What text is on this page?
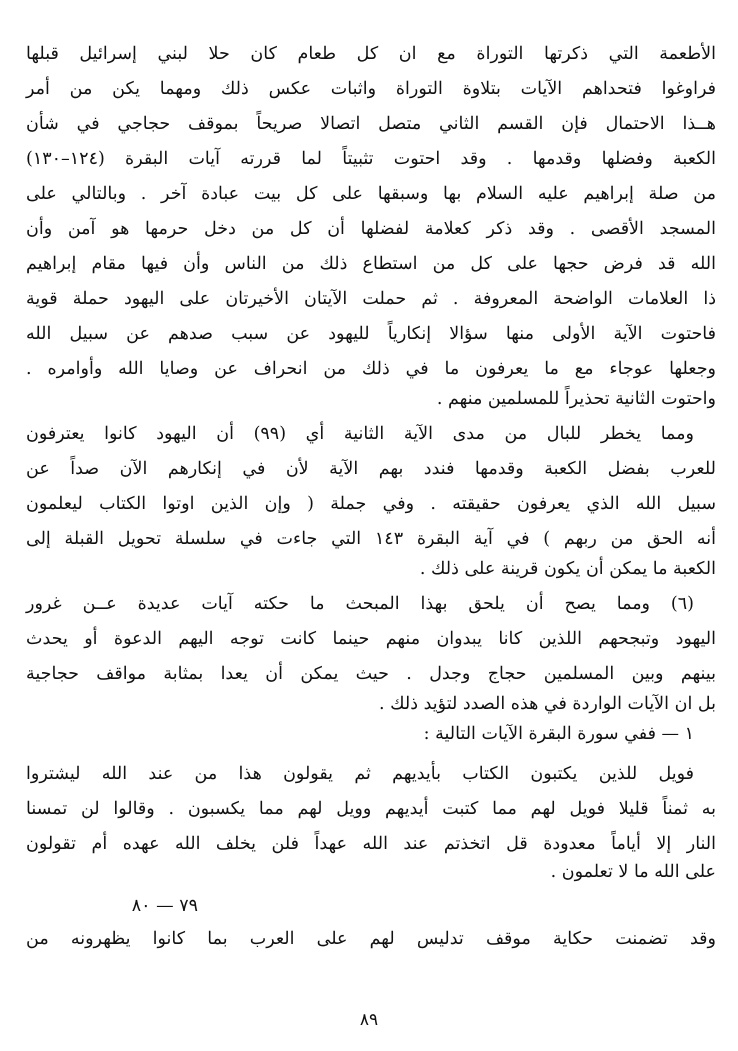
الأطعمة التي ذكرتها التوراة مع ان كل طعام كان حلا لبني إسرائيل قبلها
فراوغوا فتحداهم الآيات بتلاوة التوراة واثبات عكس ذلك ومهما يكن من أمر
هــذا الاحتمال فإن القسم الثاني متصل اتصالا صريحاً بموقف حجاجي في شأن
الكعبة وفضلها وقدمها . وقد احتوت تثبيتاً لما قررته آيات البقرة (١٢٤–١٣٠)
من صلة إبراهيم عليه السلام بها وسبقها على كل بيت عبادة آخر . وبالتالي على
المسجد الأقصى . وقد ذكر كعلامة لفضلها أن كل من دخل حرمها هو آمن وأن
الله قد فرض حجها على كل من استطاع ذلك من الناس وأن فيها مقام إبراهيم
ذا العلامات الواضحة المعروفة . ثم حملت الآيتان الأخيرتان على اليهود حملة قوية
فاحتوت الآية الأولى منها سؤالا إنكارياً لليهود عن سبب صدهم عن سبيل الله
وجعلها عوجاء مع ما يعرفون ما في ذلك من انحراف عن وصايا الله وأوامره .
واحتوت الثانية تحذيراً للمسلمين منهم .
ومما يخطر للبال من مدى الآية الثانية أي (٩٩) أن اليهود كانوا يعترفون
للعرب بفضل الكعبة وقدمها فندد بهم الآية لأن في إنكارهم الآن صداً عن
سبيل الله الذي يعرفون حقيقته . وفي جملة ( وإن الذين اوتوا الكتاب ليعلمون
أنه الحق من ربهم ) في آية البقرة ١٤٣ التي جاءت في سلسلة تحويل القبلة إلى
الكعبة ما يمكن أن يكون قرينة على ذلك .
(٦) ومما يصح أن يلحق بهذا المبحث ما حكته آيات عديدة عــن غرور
اليهود وتبجحهم اللذين كانا يبدوان منهم حينما كانت توجه اليهم الدعوة أو يحدث
بينهم وبين المسلمين حجاج وجدل . حيث يمكن أن يعدا بمثابة مواقف حجاجية
بل ان الآيات الواردة في هذه الصدد لتؤيد ذلك .
١ — ففي سورة البقرة الآيات التالية :
فويل للذين يكتبون الكتاب بأيديهم ثم يقولون هذا من عند الله ليشتروا
به ثمناً قليلا فويل لهم مما كتبت أيديهم وويل لهم مما يكسبون . وقالوا لن تمسنا
النار إلا أياماً معدودة قل اتخذتم عند الله عهداً فلن يخلف الله عهده أم تقولون
على الله ما لا تعلمون .
٧٩ — ٨٠
وقد تضمنت حكاية موقف تدليس لهم على العرب بما كانوا يظهرونه من
٨٩
